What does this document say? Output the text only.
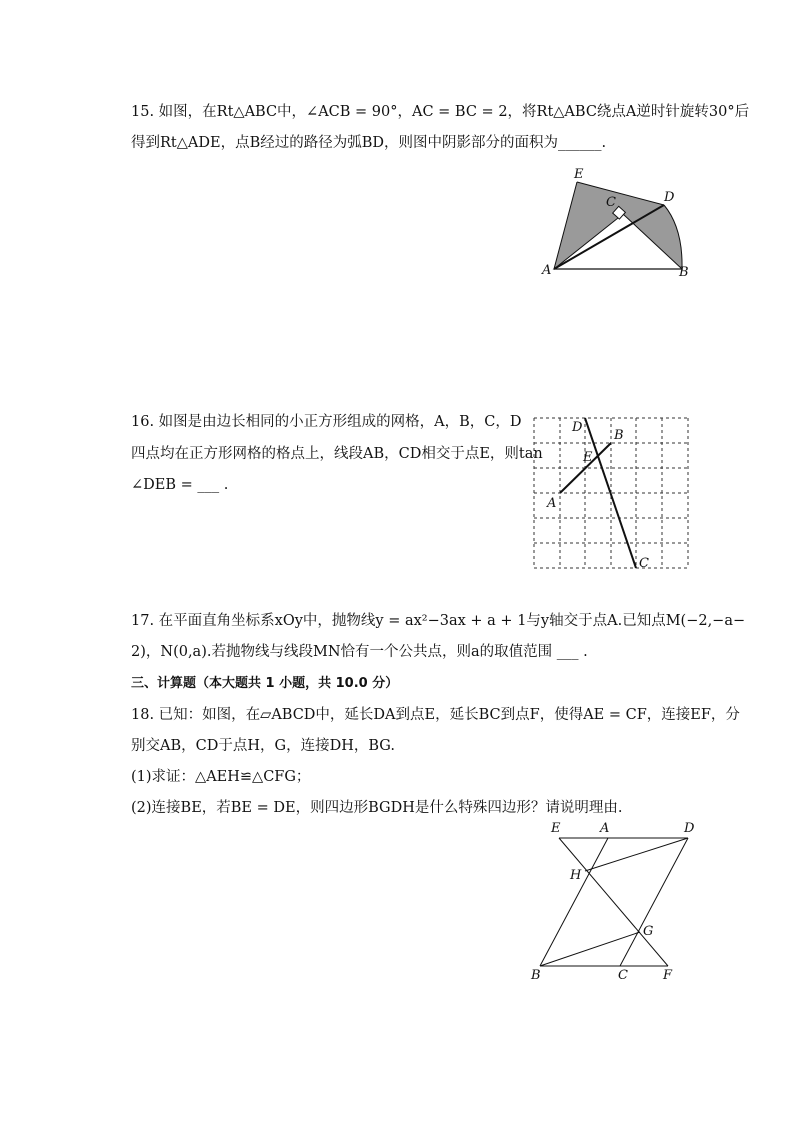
15. 如图，在Rt△ABC中，∠ACB = 90°，AC = BC = 2，将Rt△ABC绕点A逆时针旋转30°后
得到Rt△ADE，点B经过的路径为弧BD，则图中阴影部分的面积为______.
E
C	D
A	B
16. 如图是由边长相同的小正方形组成的网格，A，B，C，D
四点均在正方形网格的格点上，线段AB，CD相交于点E，则tan
∠DEB = ___ .
D
B
E
A
C
17. 在平面直角坐标系xOy中，抛物线y = ax²−3ax + a + 1与y轴交于点A.已知点M(−2,−a−
2)，N(0,a).若抛物线与线段MN恰有一个公共点，则a的取值范围 ___ .
三、计算题（本大题共 1 小题，共 10.0 分）
18. 已知：如图，在▱ABCD中，延长DA到点E，延长BC到点F，使得AE = CF，连接EF，分
别交AB，CD于点H，G，连接DH，BG.
(1)求证：△AEH≌△CFG；
(2)连接BE，若BE = DE，则四边形BGDH是什么特殊四边形？请说明理由.
E	A	D
H
G
B	C	F
